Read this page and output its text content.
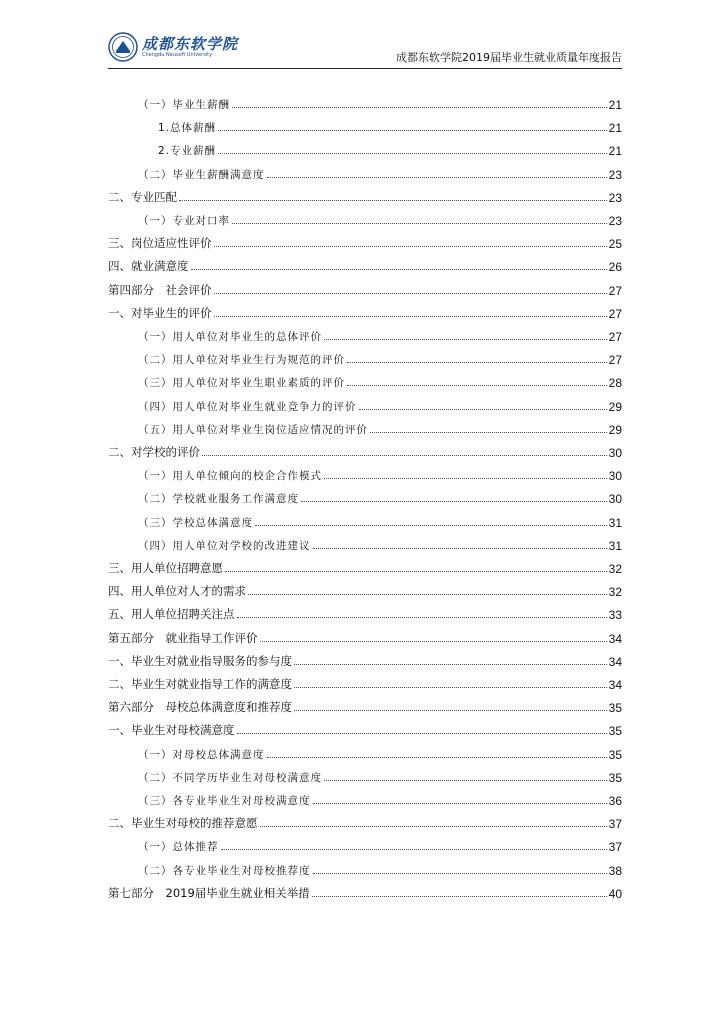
成都东软学院
Chengdu Neusoft University	成都东软学院2019届毕业生就业质量年度报告
（一）毕业生薪酬	21
1.总体薪酬	21
2.专业薪酬	21
（二）毕业生薪酬满意度	23
二、专业匹配	23
（一）专业对口率	23
三、岗位适应性评价	25
四、就业满意度	26
第四部分　社会评价	27
一、对毕业生的评价	27
（一）用人单位对毕业生的总体评价	27
（二）用人单位对毕业生行为规范的评价	27
（三）用人单位对毕业生职业素质的评价	28
（四）用人单位对毕业生就业竞争力的评价	29
（五）用人单位对毕业生岗位适应情况的评价	29
二、对学校的评价	30
（一）用人单位倾向的校企合作模式	30
（二）学校就业服务工作满意度	30
（三）学校总体满意度	31
（四）用人单位对学校的改进建议	31
三、用人单位招聘意愿	32
四、用人单位对人才的需求	32
五、用人单位招聘关注点	33
第五部分　就业指导工作评价	34
一、毕业生对就业指导服务的参与度	34
二、毕业生对就业指导工作的满意度	34
第六部分　母校总体满意度和推荐度	35
一、毕业生对母校满意度	35
（一）对母校总体满意度	35
（二）不同学历毕业生对母校满意度	35
（三）各专业毕业生对母校满意度	36
二、毕业生对母校的推荐意愿	37
（一）总体推荐	37
（二）各专业毕业生对母校推荐度	38
第七部分　2019届毕业生就业相关举措	40
